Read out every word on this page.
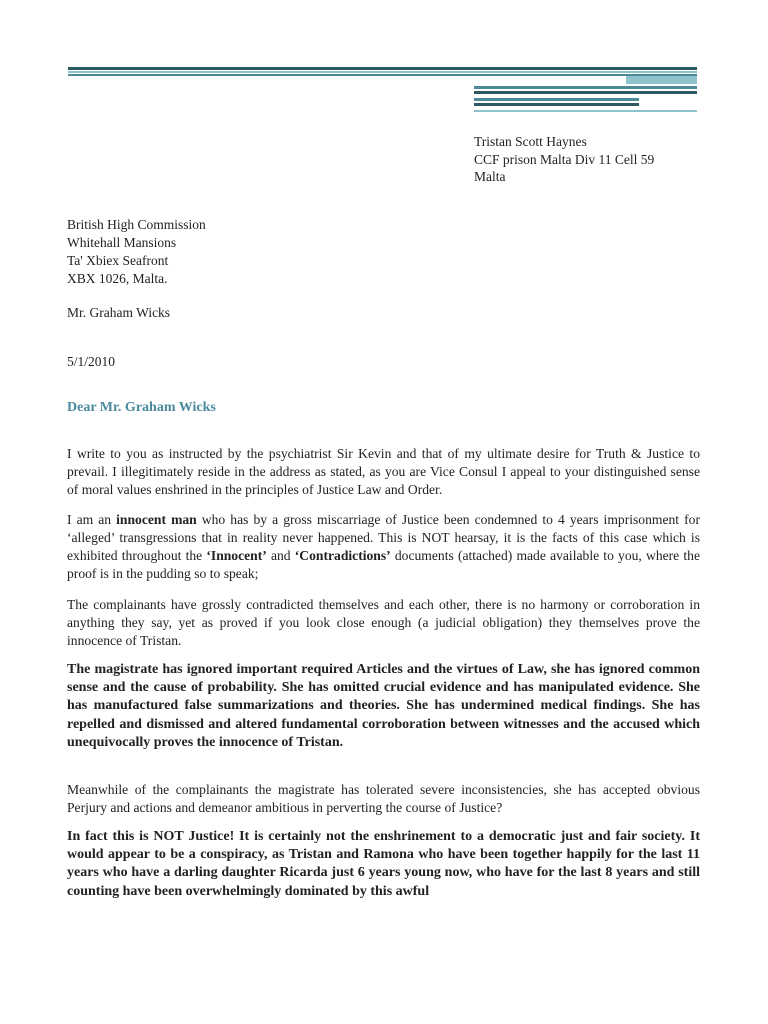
Tristan Scott Haynes
CCF prison Malta Div 11 Cell 59
Malta
British High Commission
Whitehall Mansions
Ta' Xbiex Seafront
XBX 1026, Malta.
Mr. Graham Wicks
5/1/2010
Dear Mr. Graham Wicks

I write to you as instructed by the psychiatrist Sir Kevin and that of my ultimate desire for Truth & Justice to prevail. I illegitimately reside in the address as stated, as you are Vice Consul I appeal to your distinguished sense of moral values enshrined in the principles of Justice Law and Order.

I am an innocent man who has by a gross miscarriage of Justice been condemned to 4 years imprisonment for ‘alleged’ transgressions that in reality never happened. This is NOT hearsay, it is the facts of this case which is exhibited throughout the ‘Innocent’ and ‘Contradictions’ documents (attached) made available to you, where the proof is in the pudding so to speak;

The complainants have grossly contradicted themselves and each other, there is no harmony or corroboration in anything they say, yet as proved if you look close enough (a judicial obligation) they themselves prove the innocence of Tristan.

The magistrate has ignored important required Articles and the virtues of Law, she has ignored common sense and the cause of probability. She has omitted crucial evidence and has manipulated evidence. She has manufactured false summarizations and theories. She has undermined medical findings. She has repelled and dismissed and altered fundamental corroboration between witnesses and the accused which unequivocally proves the innocence of Tristan.

Meanwhile of the complainants the magistrate has tolerated severe inconsistencies, she has accepted obvious Perjury and actions and demeanor ambitious in perverting the course of Justice?

In fact this is NOT Justice! It is certainly not the enshrinement to a democratic just and fair society. It would appear to be a conspiracy, as Tristan and Ramona who have been together happily for the last 11 years who have a darling daughter Ricarda just 6 years young now, who have for the last 8 years and still counting have been overwhelmingly dominated by this awful
